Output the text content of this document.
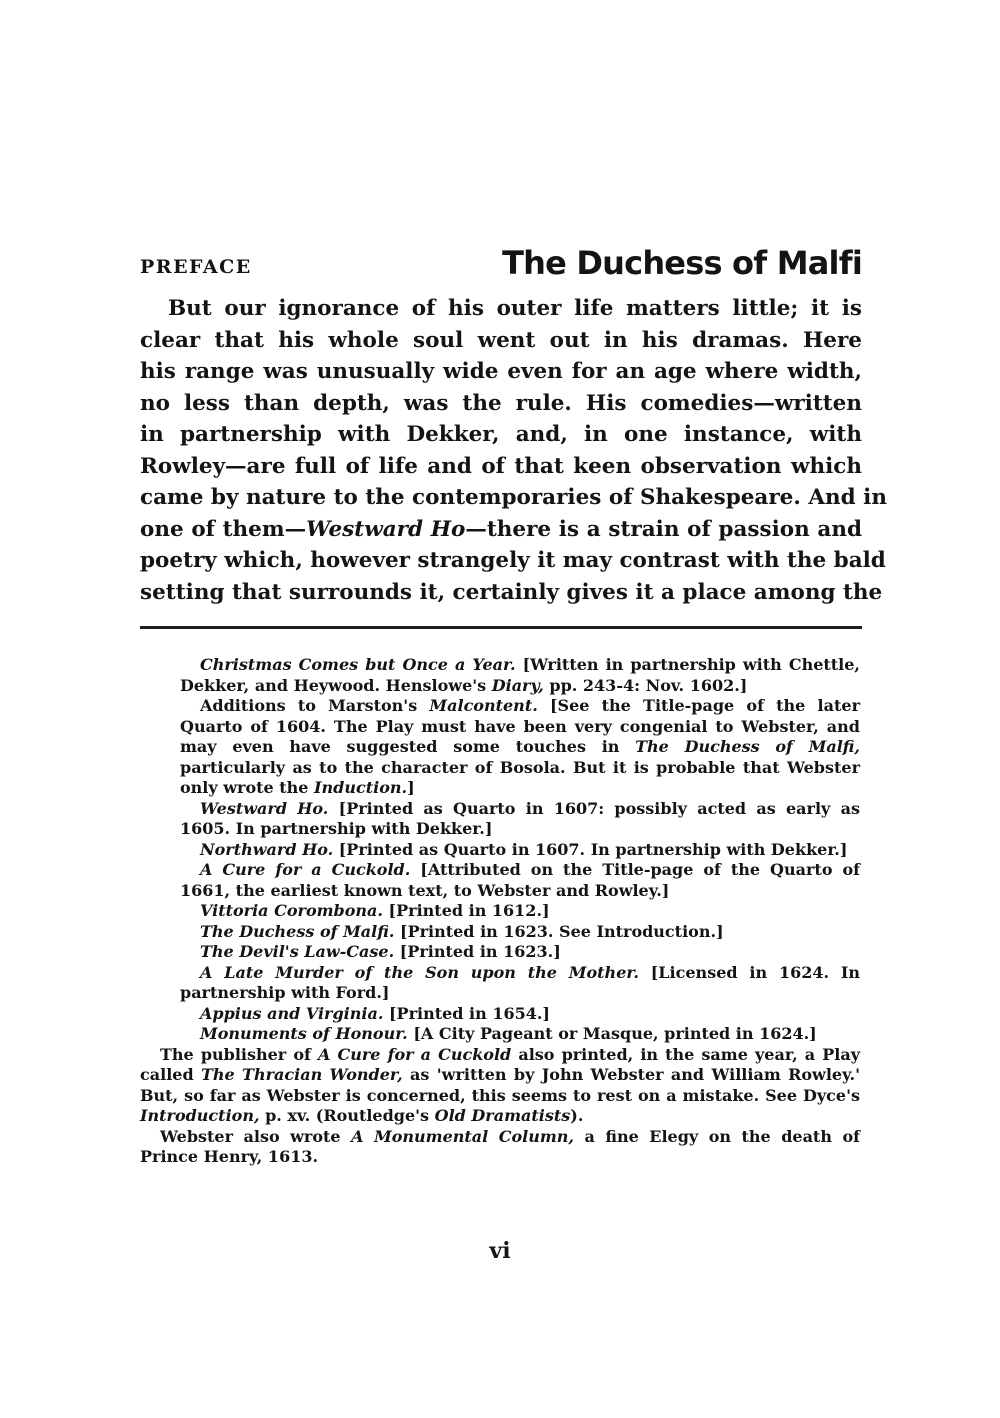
PREFACE	The Duchess of Malfi
But our ignorance of his outer life matters little; it is
clear that his whole soul went out in his dramas. Here
his range was unusually wide even for an age where width,
no less than depth, was the rule. His comedies—written
in partnership with Dekker, and, in one instance, with
Rowley—are full of life and of that keen observation which
came by nature to the contemporaries of Shakespeare. And in
one of them—Westward Ho—there is a strain of passion and
poetry which, however strangely it may contrast with the bald
setting that surrounds it, certainly gives it a place among the

Christmas Comes but Once a Year. [Written in partnership with Chettle, Dekker, and Heywood. Henslowe's Diary, pp. 243-4: Nov. 1602.]

Additions to Marston's Malcontent. [See the Title-page of the later Quarto of 1604. The Play must have been very congenial to Webster, and may even have suggested some touches in The Duchess of Malfi, particularly as to the character of Bosola. But it is probable that Webster only wrote the Induction.]

Westward Ho. [Printed as Quarto in 1607: possibly acted as early as 1605. In partnership with Dekker.]

Northward Ho. [Printed as Quarto in 1607. In partnership with Dekker.]

A Cure for a Cuckold. [Attributed on the Title-page of the Quarto of 1661, the earliest known text, to Webster and Rowley.]

Vittoria Corombona. [Printed in 1612.]

The Duchess of Malfi. [Printed in 1623. See Introduction.]

The Devil's Law-Case. [Printed in 1623.]

A Late Murder of the Son upon the Mother. [Licensed in 1624. In partnership with Ford.]

Appius and Virginia. [Printed in 1654.]

Monuments of Honour. [A City Pageant or Masque, printed in 1624.]

The publisher of A Cure for a Cuckold also printed, in the same year, a Play called The Thracian Wonder, as 'written by John Webster and William Rowley.' But, so far as Webster is concerned, this seems to rest on a mistake. See Dyce's Introduction, p. xv. (Routledge's Old Dramatists).

Webster also wrote A Monumental Column, a fine Elegy on the death of Prince Henry, 1613.

vi
